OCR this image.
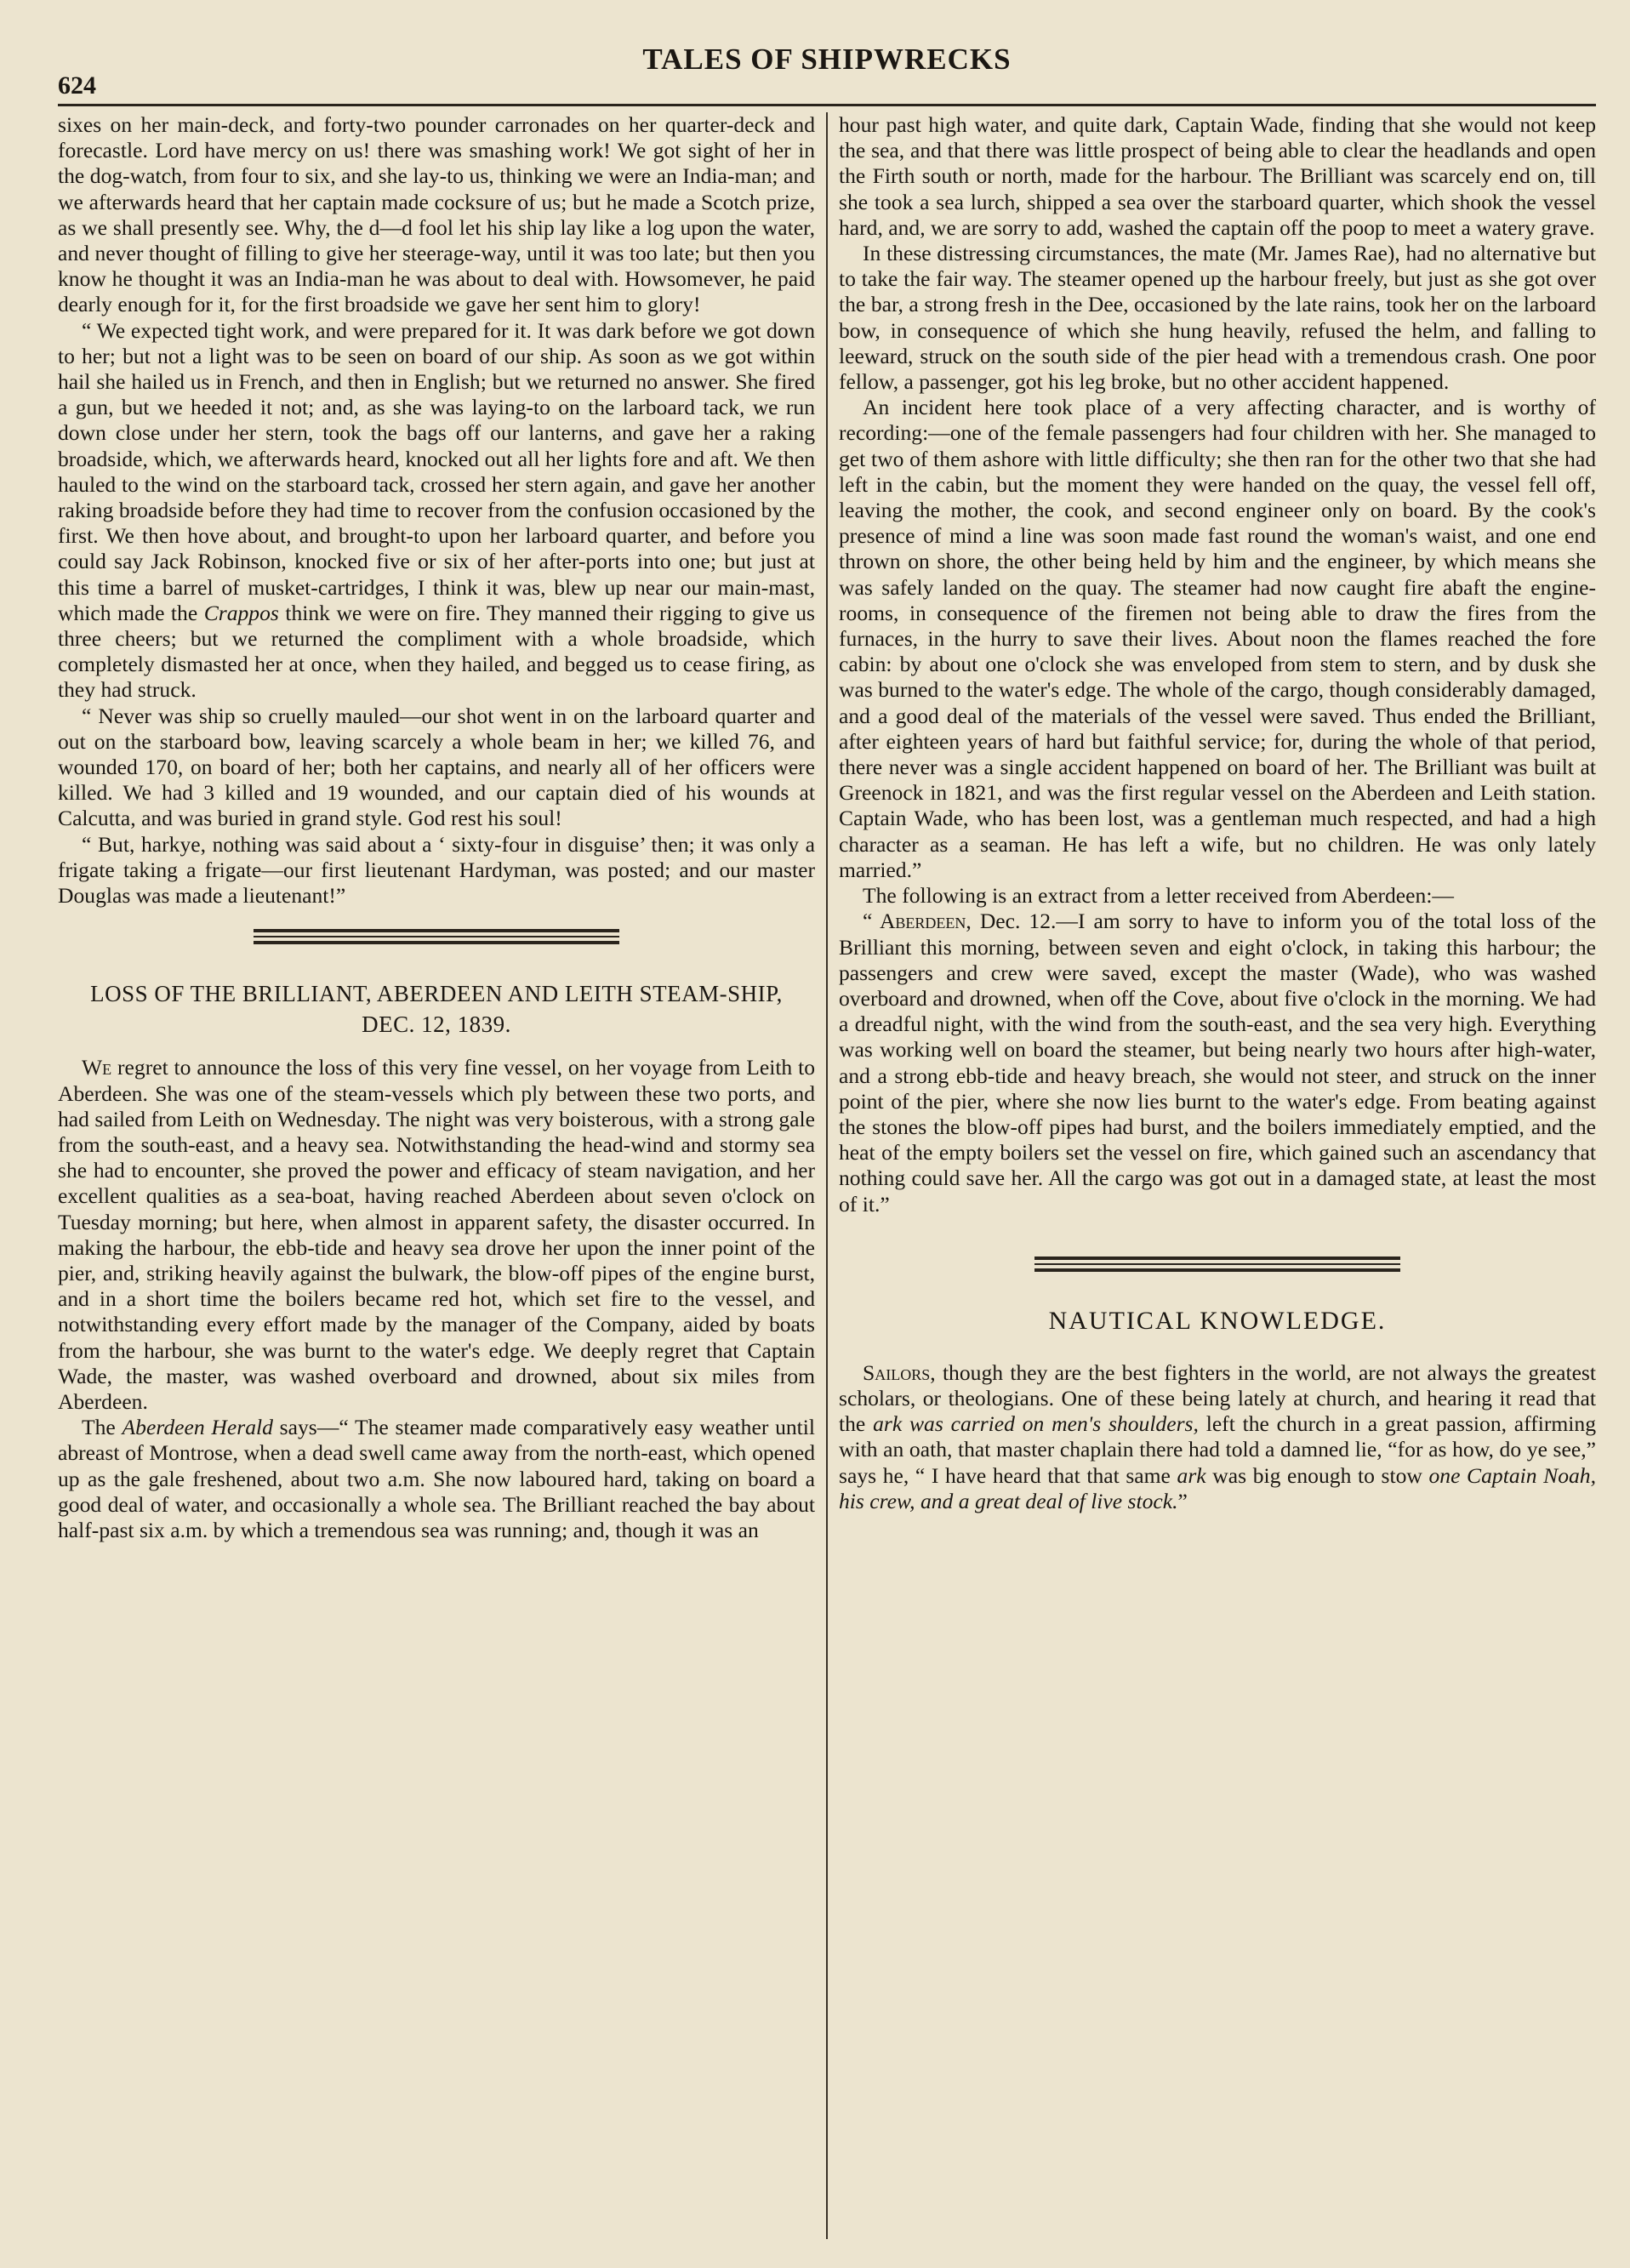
624
TALES OF SHIPWRECKS

sixes on her main-deck, and forty-two pounder carronades on her quarter-deck and forecastle. Lord have mercy on us! there was smashing work! We got sight of her in the dog-watch, from four to six, and she lay-to us, thinking we were an India-man; and we afterwards heard that her captain made cocksure of us; but he made a Scotch prize, as we shall presently see. Why, the d—d fool let his ship lay like a log upon the water, and never thought of filling to give her steerage-way, until it was too late; but then you know he thought it was an India-man he was about to deal with. Howsomever, he paid dearly enough for it, for the first broadside we gave her sent him to glory!

“ We expected tight work, and were prepared for it. It was dark before we got down to her; but not a light was to be seen on board of our ship. As soon as we got within hail she hailed us in French, and then in English; but we returned no answer. She fired a gun, but we heeded it not; and, as she was laying-to on the larboard tack, we run down close under her stern, took the bags off our lanterns, and gave her a raking broadside, which, we afterwards heard, knocked out all her lights fore and aft. We then hauled to the wind on the starboard tack, crossed her stern again, and gave her another raking broadside before they had time to recover from the confusion occasioned by the first. We then hove about, and brought-to upon her larboard quarter, and before you could say Jack Robinson, knocked five or six of her after-ports into one; but just at this time a barrel of musket-cartridges, I think it was, blew up near our main-mast, which made the Crappos think we were on fire. They manned their rigging to give us three cheers; but we returned the compliment with a whole broadside, which completely dismasted her at once, when they hailed, and begged us to cease firing, as they had struck.

“ Never was ship so cruelly mauled—our shot went in on the larboard quarter and out on the starboard bow, leaving scarcely a whole beam in her; we killed 76, and wounded 170, on board of her; both her captains, and nearly all of her officers were killed. We had 3 killed and 19 wounded, and our captain died of his wounds at Calcutta, and was buried in grand style. God rest his soul!

“ But, harkye, nothing was said about a ‘ sixty-four in disguise’ then; it was only a frigate taking a frigate—our first lieutenant Hardyman, was posted; and our master Douglas was made a lieutenant!”

LOSS OF THE BRILLIANT, ABERDEEN AND LEITH STEAM-SHIP, DEC. 12, 1839.

We regret to announce the loss of this very fine vessel, on her voyage from Leith to Aberdeen. She was one of the steam-vessels which ply between these two ports, and had sailed from Leith on Wednesday. The night was very boisterous, with a strong gale from the south-east, and a heavy sea. Notwithstanding the head-wind and stormy sea she had to encounter, she proved the power and efficacy of steam navigation, and her excellent qualities as a sea-boat, having reached Aberdeen about seven o'clock on Tuesday morning; but here, when almost in apparent safety, the disaster occurred. In making the harbour, the ebb-tide and heavy sea drove her upon the inner point of the pier, and, striking heavily against the bulwark, the blow-off pipes of the engine burst, and in a short time the boilers became red hot, which set fire to the vessel, and notwithstanding every effort made by the manager of the Company, aided by boats from the harbour, she was burnt to the water's edge. We deeply regret that Captain Wade, the master, was washed overboard and drowned, about six miles from Aberdeen.

The Aberdeen Herald says—“ The steamer made comparatively easy weather until abreast of Montrose, when a dead swell came away from the north-east, which opened up as the gale freshened, about two a.m. She now laboured hard, taking on board a good deal of water, and occasionally a whole sea. The Brilliant reached the bay about half-past six a.m. by which a tremendous sea was running; and, though it was an

hour past high water, and quite dark, Captain Wade, finding that she would not keep the sea, and that there was little prospect of being able to clear the headlands and open the Firth south or north, made for the harbour. The Brilliant was scarcely end on, till she took a sea lurch, shipped a sea over the starboard quarter, which shook the vessel hard, and, we are sorry to add, washed the captain off the poop to meet a watery grave.

In these distressing circumstances, the mate (Mr. James Rae), had no alternative but to take the fair way. The steamer opened up the harbour freely, but just as she got over the bar, a strong fresh in the Dee, occasioned by the late rains, took her on the larboard bow, in consequence of which she hung heavily, refused the helm, and falling to leeward, struck on the south side of the pier head with a tremendous crash. One poor fellow, a passenger, got his leg broke, but no other accident happened.

An incident here took place of a very affecting character, and is worthy of recording:—one of the female passengers had four children with her. She managed to get two of them ashore with little difficulty; she then ran for the other two that she had left in the cabin, but the moment they were handed on the quay, the vessel fell off, leaving the mother, the cook, and second engineer only on board. By the cook's presence of mind a line was soon made fast round the woman's waist, and one end thrown on shore, the other being held by him and the engineer, by which means she was safely landed on the quay. The steamer had now caught fire abaft the engine-rooms, in consequence of the firemen not being able to draw the fires from the furnaces, in the hurry to save their lives. About noon the flames reached the fore cabin: by about one o'clock she was enveloped from stem to stern, and by dusk she was burned to the water's edge. The whole of the cargo, though considerably damaged, and a good deal of the materials of the vessel were saved. Thus ended the Brilliant, after eighteen years of hard but faithful service; for, during the whole of that period, there never was a single accident happened on board of her. The Brilliant was built at Greenock in 1821, and was the first regular vessel on the Aberdeen and Leith station. Captain Wade, who has been lost, was a gentleman much respected, and had a high character as a seaman. He has left a wife, but no children. He was only lately married.”

The following is an extract from a letter received from Aberdeen:—

“ Aberdeen, Dec. 12.—I am sorry to have to inform you of the total loss of the Brilliant this morning, between seven and eight o'clock, in taking this harbour; the passengers and crew were saved, except the master (Wade), who was washed overboard and drowned, when off the Cove, about five o'clock in the morning. We had a dreadful night, with the wind from the south-east, and the sea very high. Everything was working well on board the steamer, but being nearly two hours after high-water, and a strong ebb-tide and heavy breach, she would not steer, and struck on the inner point of the pier, where she now lies burnt to the water's edge. From beating against the stones the blow-off pipes had burst, and the boilers immediately emptied, and the heat of the empty boilers set the vessel on fire, which gained such an ascendancy that nothing could save her. All the cargo was got out in a damaged state, at least the most of it.”

NAUTICAL KNOWLEDGE.

Sailors, though they are the best fighters in the world, are not always the greatest scholars, or theologians. One of these being lately at church, and hearing it read that the ark was carried on men's shoulders, left the church in a great passion, affirming with an oath, that master chaplain there had told a damned lie, “for as how, do ye see,” says he, “ I have heard that that same ark was big enough to stow one Captain Noah, his crew, and a great deal of live stock.”
